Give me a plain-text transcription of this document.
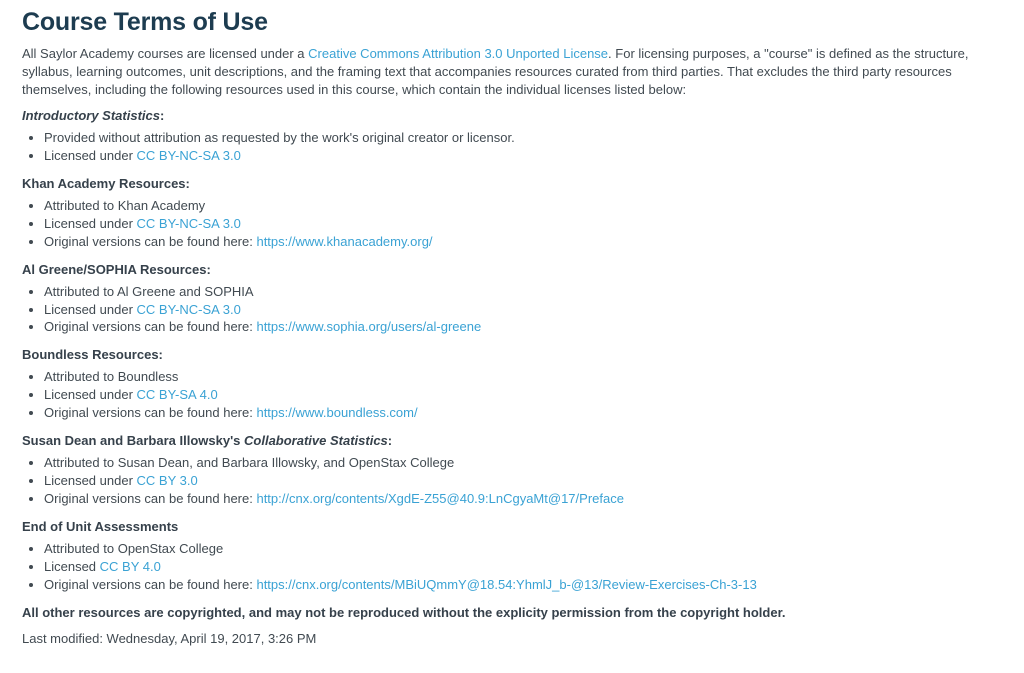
Course Terms of Use

All Saylor Academy courses are licensed under a Creative Commons Attribution 3.0 Unported License. For licensing purposes, a "course" is defined as the structure, syllabus, learning outcomes, unit descriptions, and the framing text that accompanies resources curated from third parties. That excludes the third party resources themselves, including the following resources used in this course, which contain the individual licenses listed below:

Introductory Statistics:

• Provided without attribution as requested by the work's original creator or licensor.
• Licensed under CC BY-NC-SA 3.0

Khan Academy Resources:

• Attributed to Khan Academy
• Licensed under CC BY-NC-SA 3.0
• Original versions can be found here: https://www.khanacademy.org/

Al Greene/SOPHIA Resources:

• Attributed to Al Greene and SOPHIA
• Licensed under CC BY-NC-SA 3.0
• Original versions can be found here: https://www.sophia.org/users/al-greene

Boundless Resources:

• Attributed to Boundless
• Licensed under CC BY-SA 4.0
• Original versions can be found here: https://www.boundless.com/

Susan Dean and Barbara Illowsky's Collaborative Statistics:

• Attributed to Susan Dean, and Barbara Illowsky, and OpenStax College
• Licensed under CC BY 3.0
• Original versions can be found here: http://cnx.org/contents/XgdE-Z55@40.9:LnCgyaMt@17/Preface

End of Unit Assessments

• Attributed to OpenStax College
• Licensed CC BY 4.0
• Original versions can be found here: https://cnx.org/contents/MBiUQmmY@18.54:YhmlJ_b-@13/Review-Exercises-Ch-3-13

All other resources are copyrighted, and may not be reproduced without the explicity permission from the copyright holder.

Last modified: Wednesday, April 19, 2017, 3:26 PM
